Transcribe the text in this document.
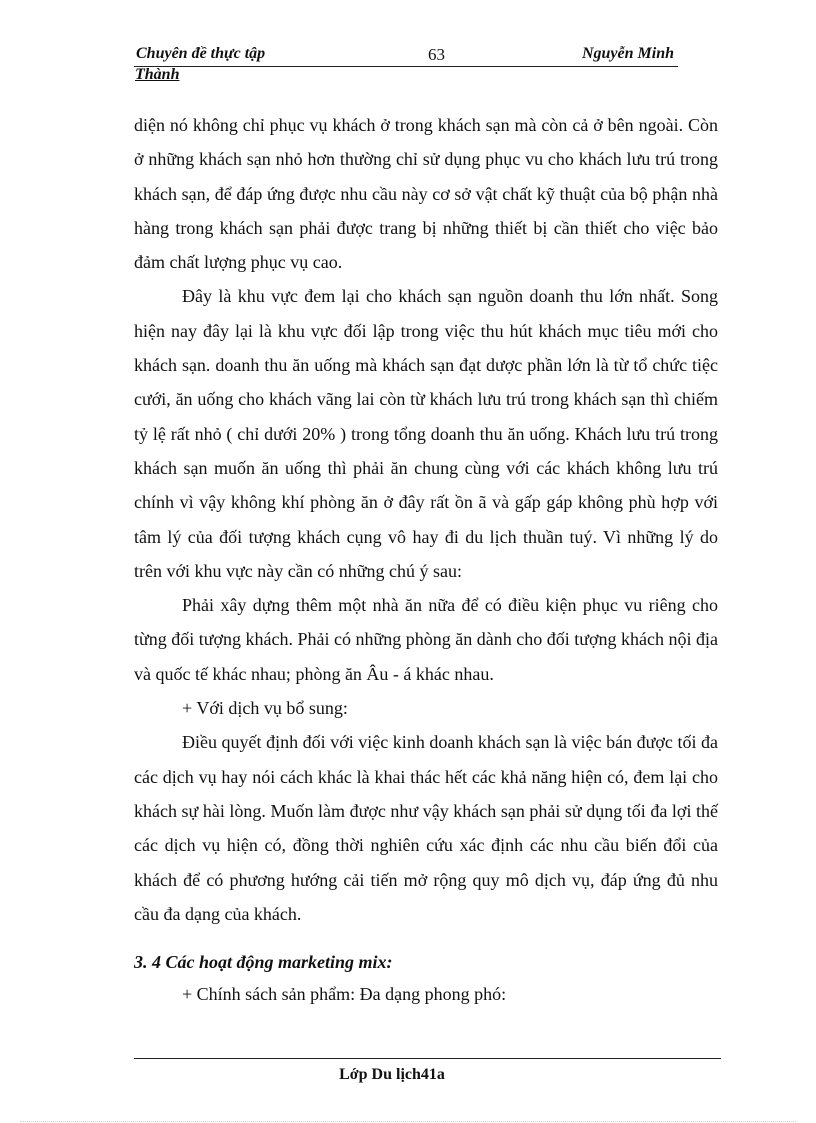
Chuyên đề thực tập	63	Nguyễn Minh
Thành

diện nó không chỉ phục vụ khách ở trong khách sạn mà còn cả ở bên ngoài. Còn ở những khách sạn nhỏ hơn thường chỉ sử dụng phục vu cho khách lưu trú trong khách sạn, để đáp ứng được nhu cầu này cơ sở vật chất kỹ thuật của bộ phận nhà hàng trong khách sạn phải được trang bị những thiết bị cần thiết cho việc bảo đảm chất lượng phục vụ cao.

Đây là khu vực đem lại cho khách sạn nguồn doanh thu lớn nhất. Song hiện nay đây lại là khu vực đối lập trong việc thu hút khách mục tiêu mới cho khách sạn. doanh thu ăn uống mà khách sạn đạt dược phần lớn là từ tổ chức tiệc cưới, ăn uống cho khách vãng lai còn từ khách lưu trú trong khách sạn thì chiếm tỷ lệ rất nhỏ ( chỉ dưới 20% ) trong tổng doanh thu ăn uống. Khách lưu trú trong khách sạn muốn ăn uống thì phải ăn chung cùng với các khách không lưu trú chính vì vậy không khí phòng ăn ở đây rất ồn ã và gấp gáp không phù hợp với tâm lý của đối tượng khách cụng vô hay đi du lịch thuần tuý. Vì những lý do trên với khu vực này cần có những chú ý sau:

Phải xây dựng thêm một nhà ăn nữa để có điều kiện phục vu riêng cho từng đối tượng khách. Phải có những phòng ăn dành cho đối tượng khách nội địa và quốc tế khác nhau; phòng ăn Âu - á khác nhau.

+ Với dịch vụ bổ sung:

Điều quyết định đối với việc kinh doanh khách sạn là việc bán được tối đa các dịch vụ hay nói cách khác là khai thác hết các khả năng hiện có, đem lại cho khách sự hài lòng. Muốn làm được như vậy khách sạn phải sử dụng tối đa lợi thế các dịch vụ hiện có, đồng thời nghiên cứu xác định các nhu cầu biến đổi của khách để có phương hướng cải tiến mở rộng quy mô dịch vụ, đáp ứng đủ nhu cầu đa dạng của khách.

3. 4 Các hoạt động marketing mix:
+ Chính sách sản phẩm: Đa dạng phong phó:
Lớp Du lịch41a
